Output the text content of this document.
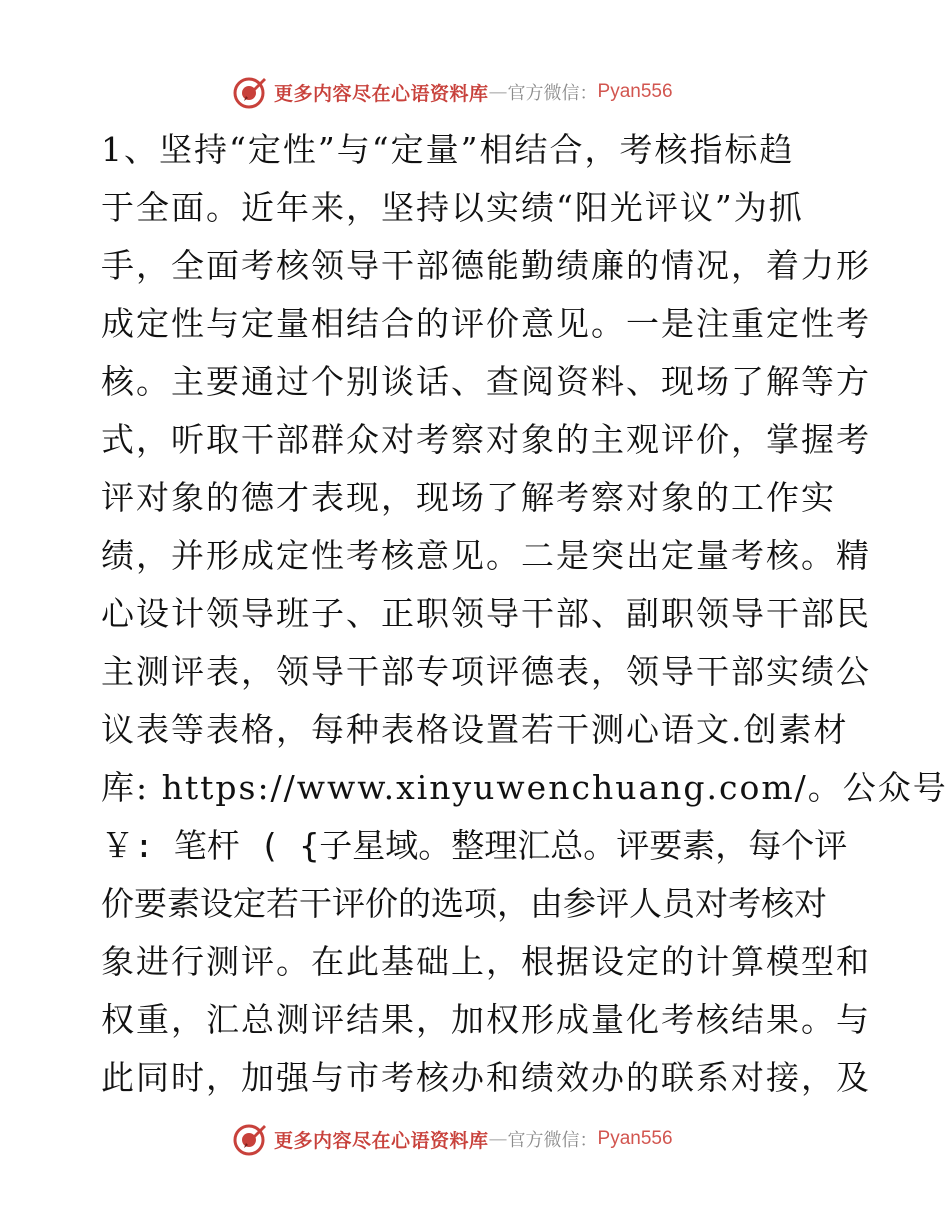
更多内容尽在心语资料库 — 官方微信： Pyan556
1、坚持“定性”与“定量”相结合，考核指标趋
于全面。近年来，坚持以实绩“阳光评议”为抓
手，全面考核领导干部德能勤绩廉的情况，着力形
成定性与定量相结合的评价意见。一是注重定性考
核。主要通过个别谈话、查阅资料、现场了解等方
式，听取干部群众对考察对象的主观评价，掌握考
评对象的德才表现，现场了解考察对象的工作实
绩，并形成定性考核意见。二是突出定量考核。精
心设计领导班子、正职领导干部、副职领导干部民
主测评表，领导干部专项评德表，领导干部实绩公
议表等表格，每种表格设置若干测心语文.创素材
库: https://www.xinyuwenchuang.com/。公众号
￥: 笔杆 ( {子星域。整理汇总。评要素，每个评
价要素设定若干评价的选项，由参评人员对考核对
象进行测评。在此基础上，根据设定的计算模型和
权重，汇总测评结果，加权形成量化考核结果。与
此同时，加强与市考核办和绩效办的联系对接，及
更多内容尽在心语资料库 — 官方微信： Pyan556
